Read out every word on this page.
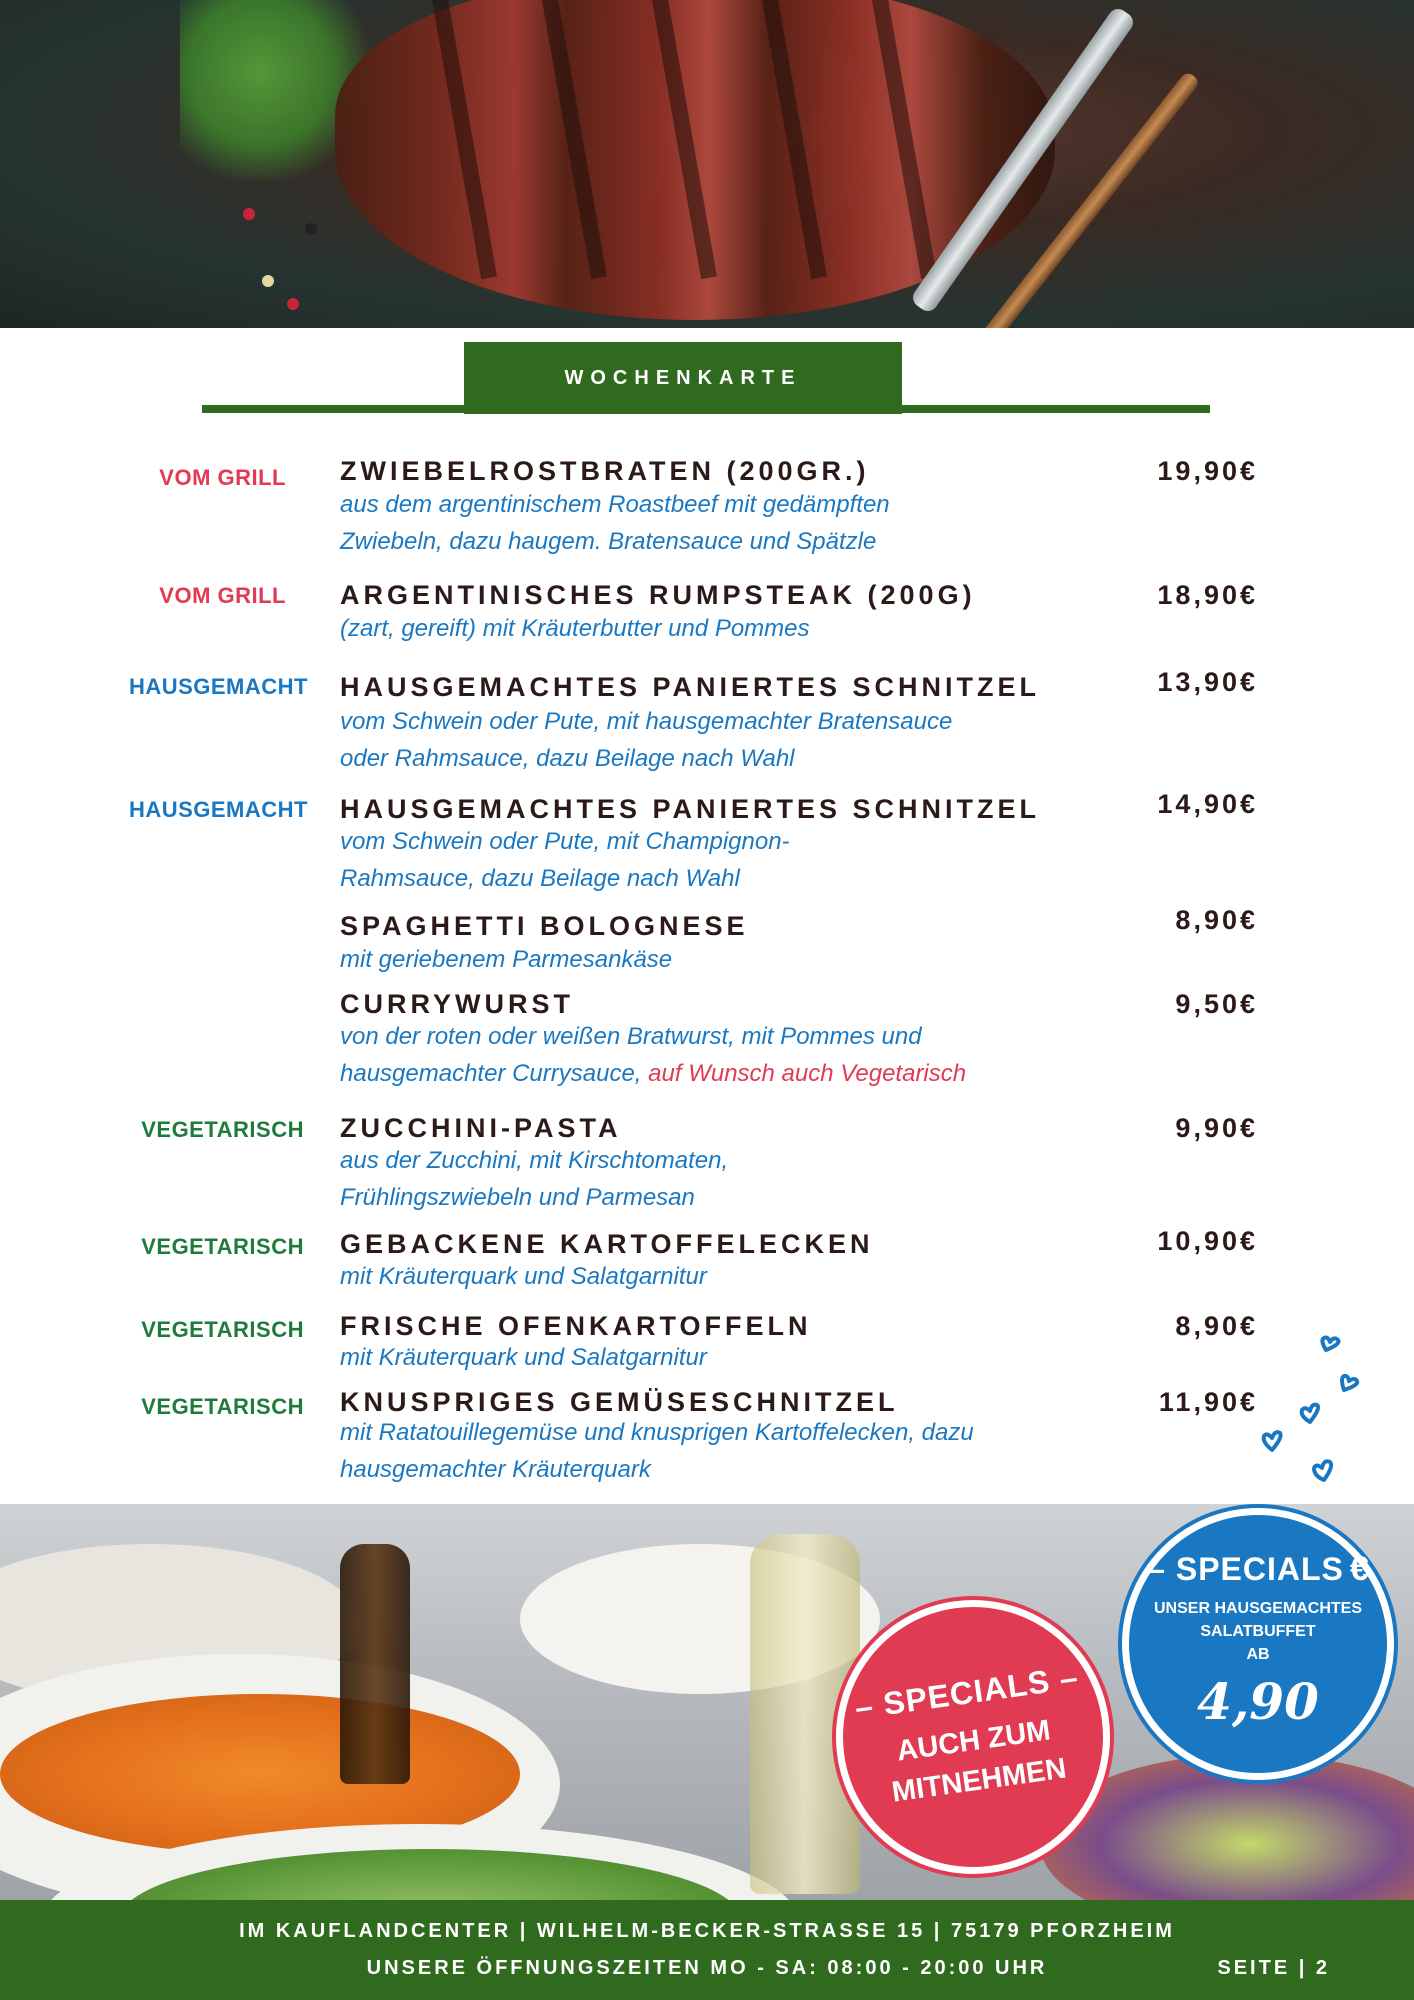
WOCHENKARTE
VOM GRILL ZWIEBELROSTBRATEN (200GR.)	19,90€
aus dem argentinischem Roastbeef mit gedämpften
Zwiebeln, dazu haugem. Bratensauce und Spätzle
VOM GRILL ARGENTINISCHES RUMPSTEAK (200G)	18,90€
(zart, gereift) mit Kräuterbutter und Pommes
HAUSGEMACHT HAUSGEMACHTES PANIERTES SCHNITZEL	13,90€
vom Schwein oder Pute, mit hausgemachter Bratensauce
oder Rahmsauce, dazu Beilage nach Wahl
HAUSGEMACHT HAUSGEMACHTES PANIERTES SCHNITZEL	14,90€
vom Schwein oder Pute, mit Champignon-
Rahmsauce, dazu Beilage nach Wahl
SPAGHETTI BOLOGNESE	8,90€
mit geriebenem Parmesankäse
CURRYWURST	9,50€
von der roten oder weißen Bratwurst, mit Pommes und
hausgemachter Currysauce, auf Wunsch auch Vegetarisch
VEGETARISCH ZUCCHINI-PASTA	9,90€
aus der Zucchini, mit Kirschtomaten,
Frühlingszwiebeln und Parmesan
VEGETARISCH GEBACKENE KARTOFFELECKEN	10,90€
mit Kräuterquark und Salatgarnitur
VEGETARISCH FRISCHE OFENKARTOFFELN	8,90€
mit Kräuterquark und Salatgarnitur
VEGETARISCH KNUSPRIGES GEMÜSESCHNITZEL	11,90€
mit Ratatouillegemüse und knusprigen Kartoffelecken, dazu
hausgemachter Kräuterquark
– SPECIALS –
AUCH ZUM
MITNEHMEN
– SPECIALS €
UNSER HAUSGEMACHTES
SALATBUFFET
AB
4,90
IM KAUFLANDCENTER | WILHELM-BECKER-STRASSE 15 | 75179 PFORZHEIM
UNSERE ÖFFNUNGSZEITEN MO - SA: 08:00 - 20:00 UHR	SEITE | 2
